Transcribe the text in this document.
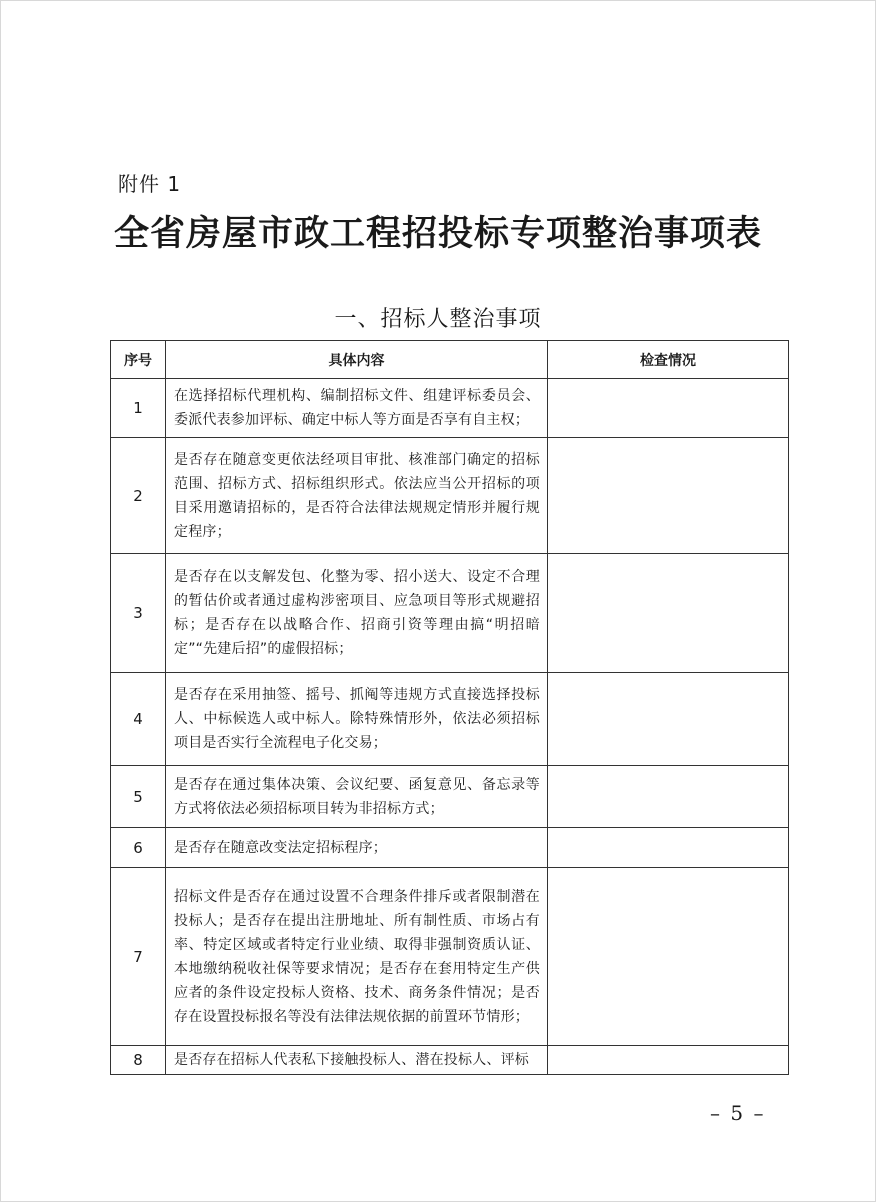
附件 1
全省房屋市政工程招投标专项整治事项表
一、招标人整治事项
序号	具体内容	检查情况
1	在选择招标代理机构、编制招标文件、组建评标委员会、委派代表参加评标、确定中标人等方面是否享有自主权；	
2	是否存在随意变更依法经项目审批、核准部门确定的招标范围、招标方式、招标组织形式。依法应当公开招标的项目采用邀请招标的，是否符合法律法规规定情形并履行规定程序；	
3	是否存在以支解发包、化整为零、招小送大、设定不合理的暂估价或者通过虚构涉密项目、应急项目等形式规避招标；是否存在以战略合作、招商引资等理由搞“明招暗定”“先建后招”的虚假招标；	
4	是否存在采用抽签、摇号、抓阄等违规方式直接选择投标人、中标候选人或中标人。除特殊情形外，依法必须招标项目是否实行全流程电子化交易；	
5	是否存在通过集体决策、会议纪要、函复意见、备忘录等方式将依法必须招标项目转为非招标方式；	
6	是否存在随意改变法定招标程序；	
7	招标文件是否存在通过设置不合理条件排斥或者限制潜在投标人；是否存在提出注册地址、所有制性质、市场占有率、特定区域或者特定行业业绩、取得非强制资质认证、本地缴纳税收社保等要求情况；是否存在套用特定生产供应者的条件设定投标人资格、技术、商务条件情况；是否存在设置投标报名等没有法律法规依据的前置环节情形；	
8	是否存在招标人代表私下接触投标人、潜在投标人、评标	
– 5 –
